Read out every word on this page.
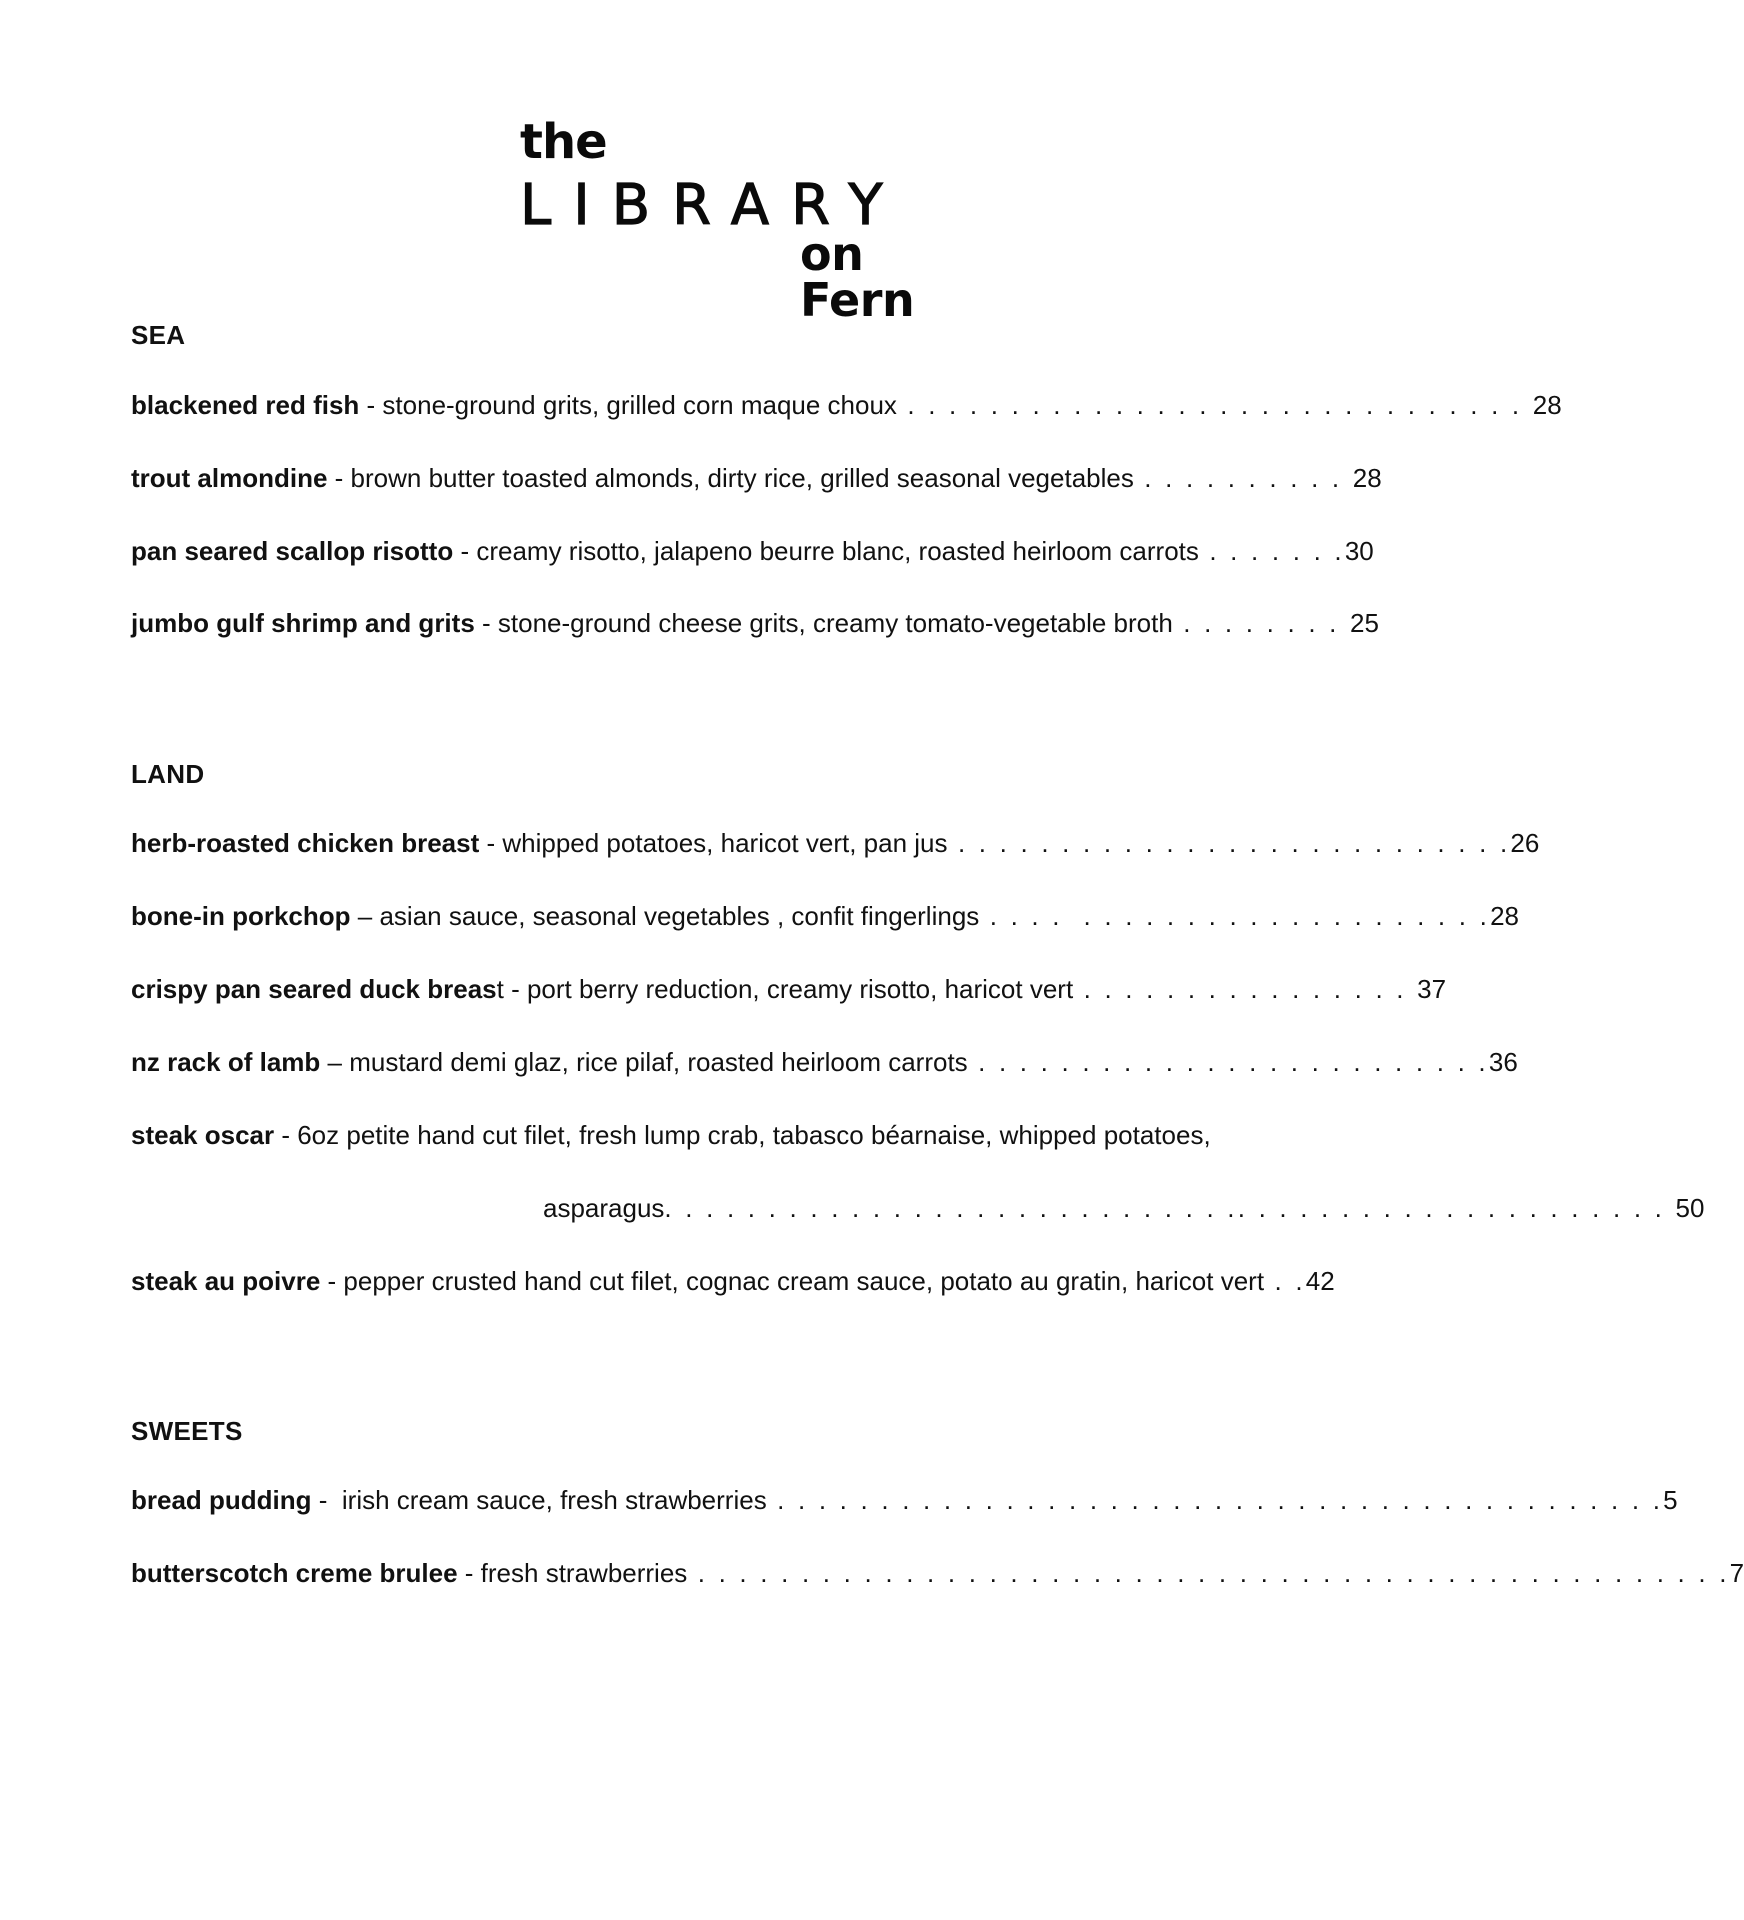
the
LIBRARY
on Fern
SEA
blackened red fish - stone-ground grits, grilled corn maque choux . . . . . . . . . . . . . . . . . . . . . . . . . . . . . . 28
trout almondine - brown butter toasted almonds, dirty rice, grilled seasonal vegetables . . . . . . . . . . 28
pan seared scallop risotto - creamy risotto, jalapeno beurre blanc, roasted heirloom carrots . . . . . . .30
jumbo gulf shrimp and grits - stone-ground cheese grits, creamy tomato-vegetable broth . . . . . . . . 25
LAND
herb-roasted chicken breast - whipped potatoes, haricot vert, pan jus . . . . . . . . . . . . . . . . . . . . . . . . . . .26
bone-in porkchop – asian sauce, seasonal vegetables , confit fingerlings . . . .  . . . . . . . . . . . . . . . . . . . .28
crispy pan seared duck breast - port berry reduction, creamy risotto, haricot vert . . . . . . . . . . . . . . . . 37
nz rack of lamb – mustard demi glaz, rice pilaf, roasted heirloom carrots . . . . . . . . . . . . . . . . . . . . . . . . .36
steak oscar - 6oz petite hand cut filet, fresh lump crab, tabasco béarnaise, whipped potatoes,
asparagus. . . . . . . . . . . . . . . . . . . . . . . . . . . .. . . . . . . . . . . . . . . . . . . . . 50
steak au poivre - pepper crusted hand cut filet, cognac cream sauce, potato au gratin, haricot vert . .42
SWEETS
bread pudding -  irish cream sauce, fresh strawberries . . . . . . . . . . . . . . . . . . . . . . . . . . . . . . . . . . . . . . . . . . .5
butterscotch creme brulee - fresh strawberries . . . . . . . . . . . . . . . . . . . . . . . . . . . . . . . . . . . . . . . . . . . . . . . . . .7
